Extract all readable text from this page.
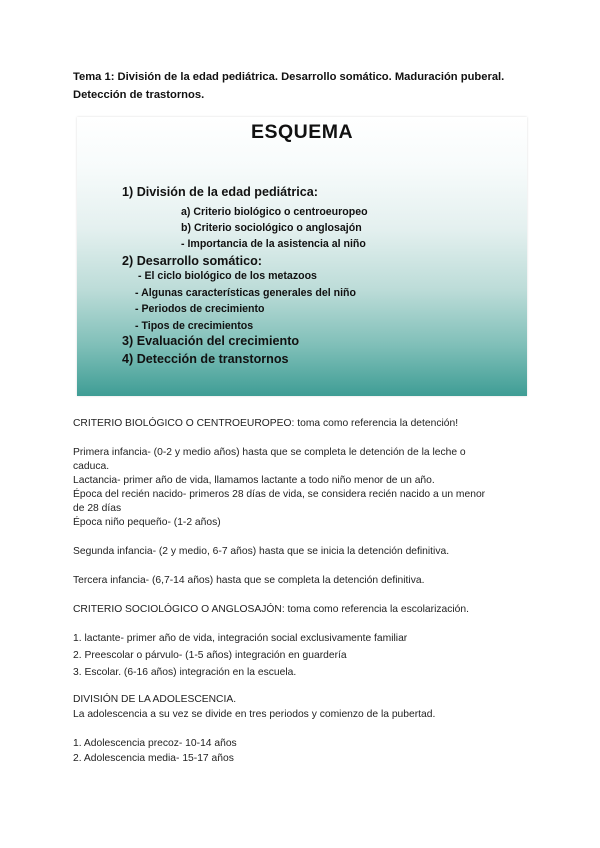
Tema 1: División de la edad pediátrica. Desarrollo somático. Maduración puberal. Detección de trastornos.
ESQUEMA
1) División de la edad pediátrica:
a) Criterio biológico o centroeuropeo
b) Criterio sociológico o anglosajón
- Importancia de la asistencia al niño
2) Desarrollo somático:
- El ciclo biológico de los metazoos
- Algunas características generales del niño
- Periodos de crecimiento
- Tipos de crecimientos
3) Evaluación del crecimiento
4) Detección de transtornos
CRITERIO BIOLÓGICO O CENTROEUROPEO: toma como referencia la detención!
Primera infancia- (0-2 y medio años) hasta que se completa le detención de la leche o
caduca.
Lactancia- primer año de vida, llamamos lactante a todo niño menor de un año.
Época del recién nacido- primeros 28 días de vida, se considera recién nacido a un menor
de 28 días
Época niño pequeño- (1-2 años)
Segunda infancia- (2 y medio, 6-7 años) hasta que se inicia la detención definitiva.
Tercera infancia- (6,7-14 años) hasta que se completa la detención definitiva.
CRITERIO SOCIOLÓGICO O ANGLOSAJÓN: toma como referencia la escolarización.
1. lactante- primer año de vida, integración social exclusivamente familiar
2. Preescolar o párvulo- (1-5 años) integración en guardería
3. Escolar. (6-16 años) integración en la escuela.
DIVISIÓN DE LA ADOLESCENCIA.
La adolescencia a su vez se divide en tres periodos y comienzo de la pubertad.
1. Adolescencia precoz- 10-14 años
2. Adolescencia media- 15-17 años
